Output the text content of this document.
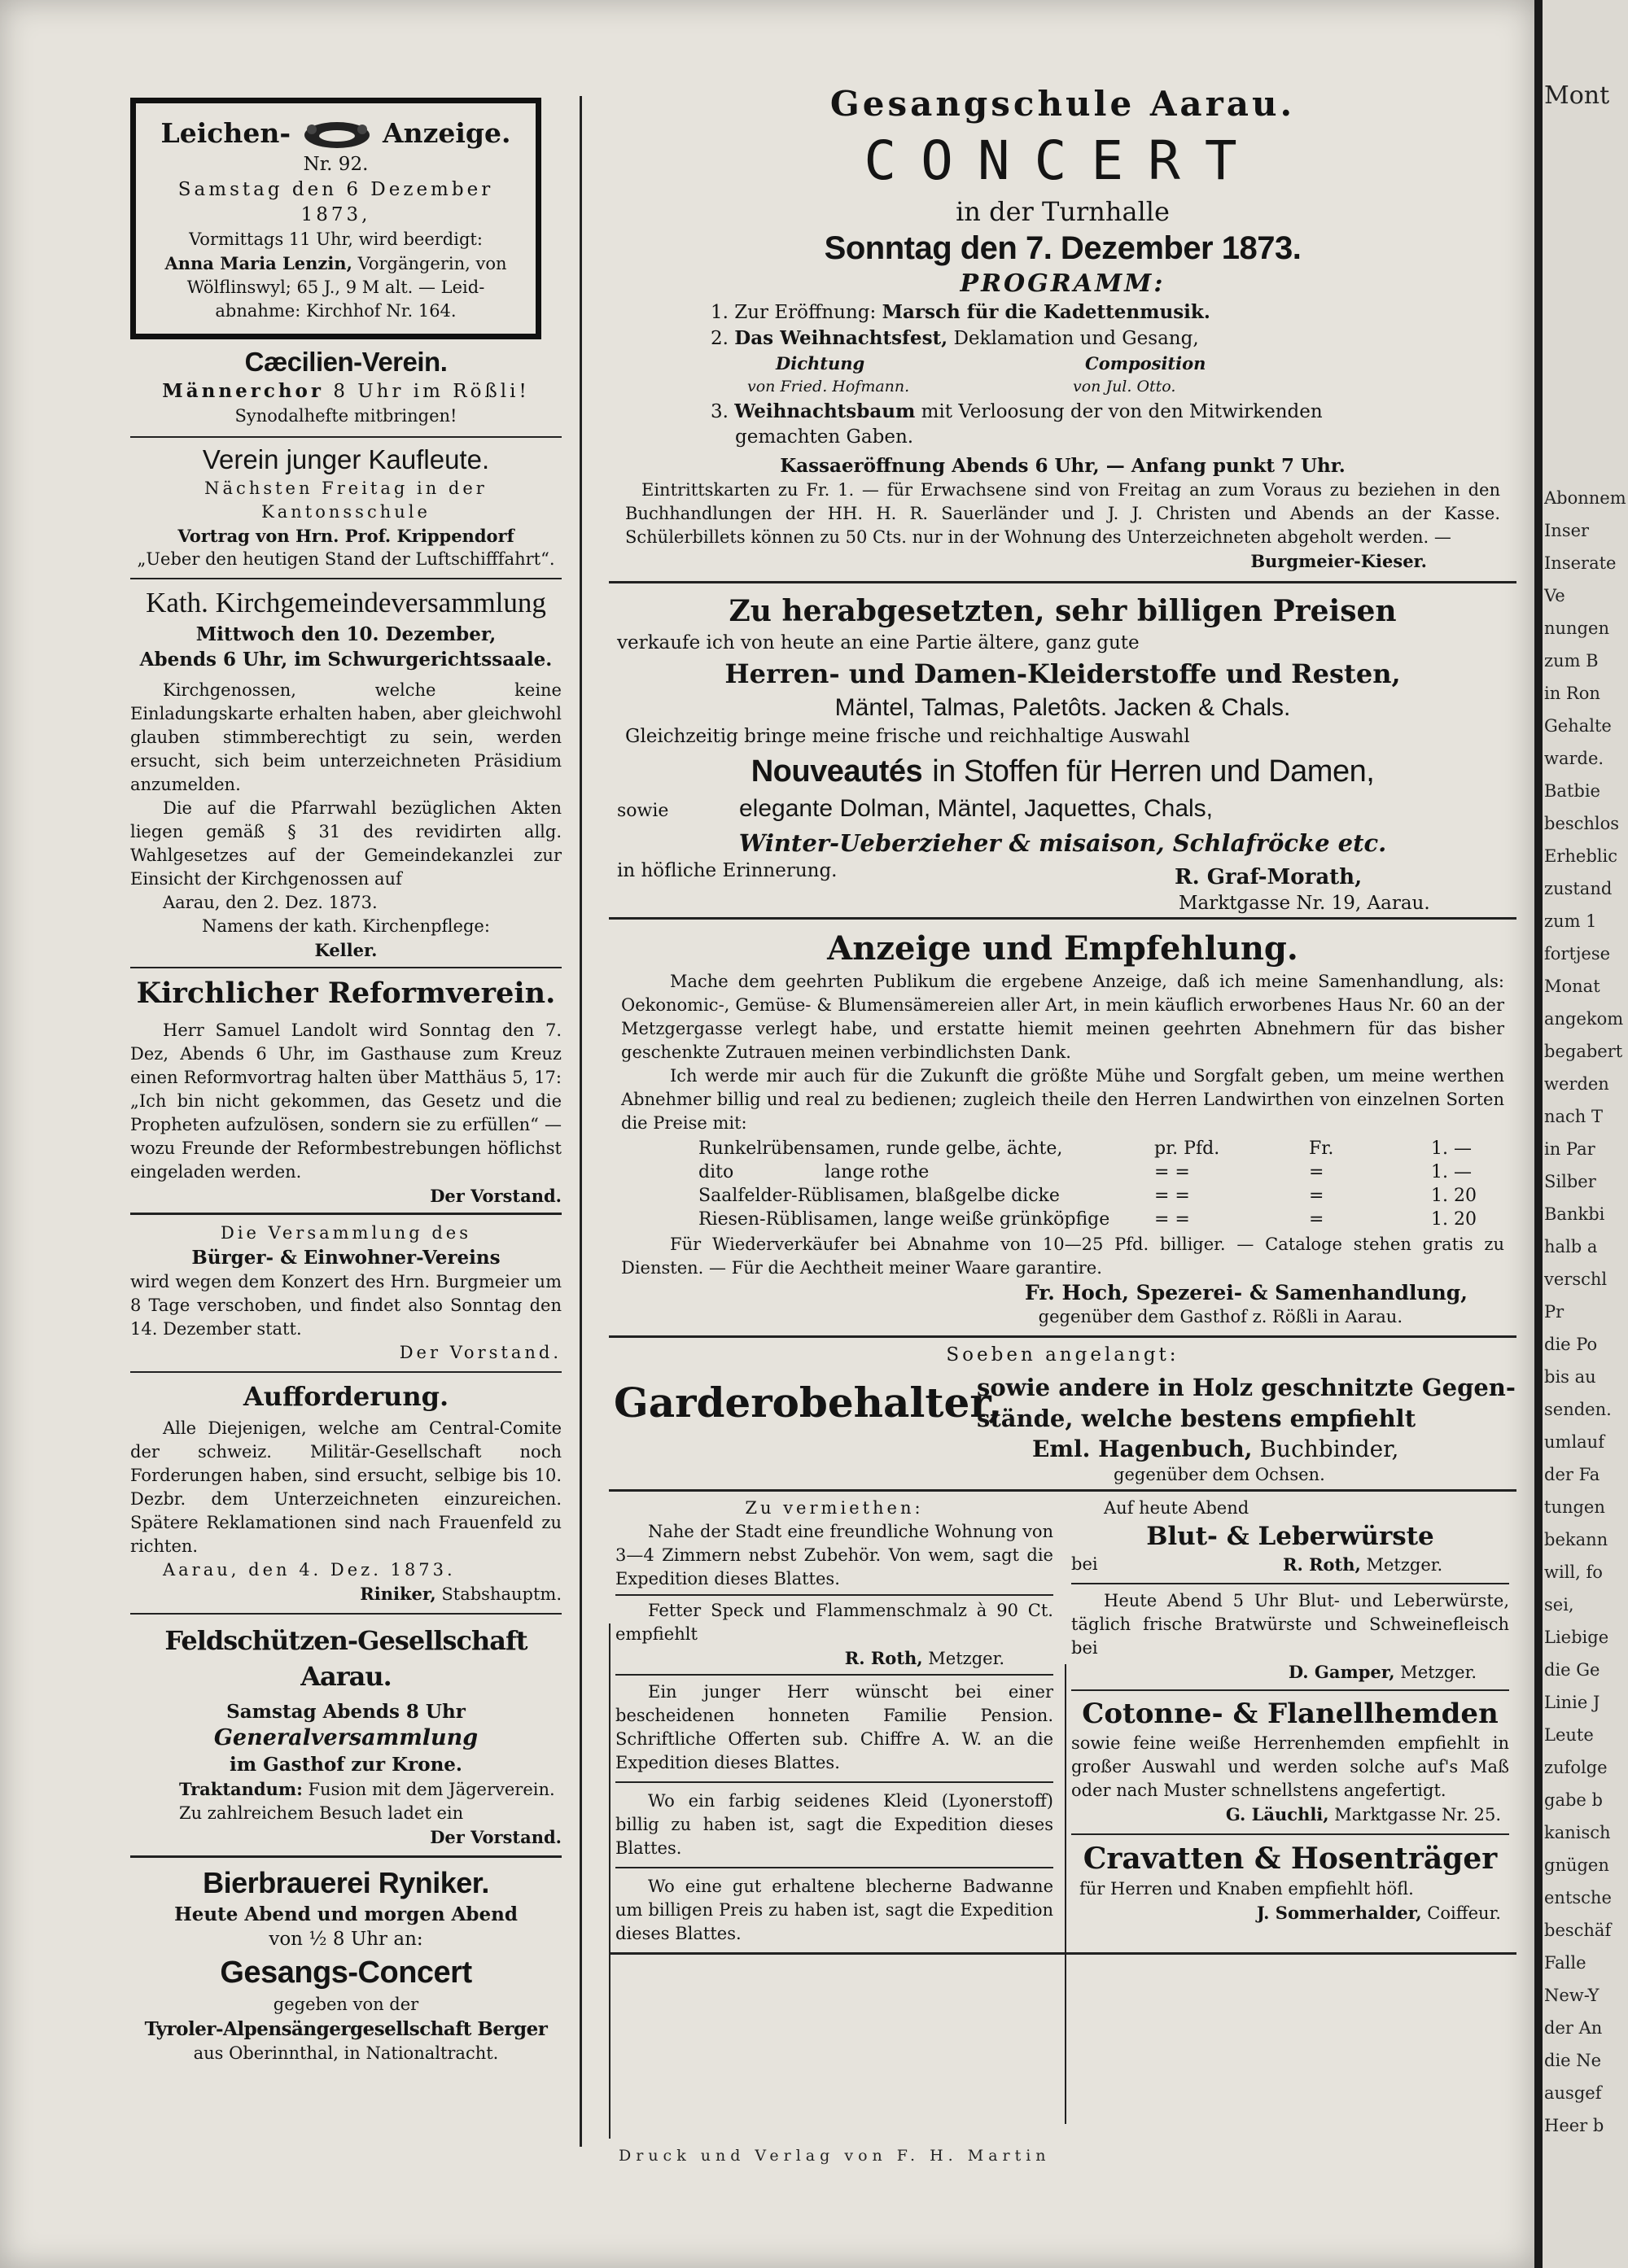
Leichen-	Anzeige.
Nr. 92.
Samstag den 6 Dezember 1873,
Vormittags 11 Uhr, wird beerdigt:
Anna Maria Lenzin, Vorgängerin, von
Wölflinswyl; 65 J., 9 M alt. — Leid-
abnahme: Kirchhof Nr. 164.
Cæcilien-Verein.
Männerchor 8 Uhr im Rößli!
Synodalhefte mitbringen!
Verein junger Kaufleute.
Nächsten Freitag in der Kantonsschule
Vortrag von Hrn. Prof. Krippendorf
„Ueber den heutigen Stand der Luftschifffahrt“.
Kath. Kirchgemeindeversammlung
Mittwoch den 10. Dezember,
Abends 6 Uhr, im Schwurgerichtssaale.

Kirchgenossen, welche keine Einladungskarte erhalten haben, aber gleichwohl glauben stimmberechtigt zu sein, werden ersucht, sich beim unterzeichneten Präsidium anzumelden.

Die auf die Pfarrwahl bezüglichen Akten liegen gemäß § 31 des revidirten allg. Wahlgesetzes auf der Gemeindekanzlei zur Einsicht der Kirchgenossen auf

Aarau, den 2. Dez. 1873.

Namens der kath. Kirchenpflege:

Keller.

Kirchlicher Reformverein.

Herr Samuel Landolt wird Sonntag den 7. Dez, Abends 6 Uhr, im Gasthause zum Kreuz einen Reformvortrag halten über Matthäus 5, 17: „Ich bin nicht gekommen, das Gesetz und die Propheten aufzulösen, sondern sie zu erfüllen“ — wozu Freunde der Reformbestrebungen höflichst eingeladen werden.

Der Vorstand.

Die Versammlung des
Bürger- & Einwohner-Vereins

wird wegen dem Konzert des Hrn. Burgmeier um 8 Tage verschoben, und findet also Sonntag den 14. Dezember statt.

Der Vorstand.

Aufforderung.

Alle Diejenigen, welche am Central-Comite der schweiz. Militär-Gesellschaft noch Forderungen haben, sind ersucht, selbige bis 10. Dezbr. dem Unterzeichneten einzureichen. Spätere Reklamationen sind nach Frauenfeld zu richten.

Aarau, den 4. Dez. 1873.

Riniker, Stabshauptm.

Feldschützen-Gesellschaft Aarau.
Samstag Abends 8 Uhr
Generalversammlung
im Gasthof zur Krone.
Traktandum: Fusion mit dem Jägerverein.
Zu zahlreichem Besuch ladet ein
Der Vorstand.
Bierbrauerei Ryniker.
Heute Abend und morgen Abend
von ½ 8 Uhr an:
Gesangs-Concert
gegeben von der
Tyroler-Alpensängergesellschaft Berger
aus Oberinnthal, in Nationaltracht.
Gesangschule Aarau.
CONCERT
in der Turnhalle
Sonntag den 7. Dezember 1873.
PROGRAMM:
1. Zur Eröffnung: Marsch für die Kadettenmusik.
2. Das Weihnachtsfest, Deklamation und Gesang,
Dichtung	Composition
von Fried. Hofmann.	von Jul. Otto.
3. Weihnachtsbaum mit Verloosung der von den Mitwirkenden
gemachten Gaben.
Kassaeröffnung Abends 6 Uhr, — Anfang punkt 7 Uhr.

Eintrittskarten zu Fr. 1. — für Erwachsene sind von Freitag an zum Voraus zu beziehen in den Buchhandlungen der HH. H. R. Sauerländer und J. J. Christen und Abends an der Kasse. Schülerbillets können zu 50 Cts. nur in der Wohnung des Unterzeichneten abgeholt werden. —

Burgmeier-Kieser.

Zu herabgesetzten, sehr billigen Preisen
verkaufe ich von heute an eine Partie ältere, ganz gute
Herren- und Damen-Kleiderstoffe und Resten,
Mäntel, Talmas, Paletôts. Jacken & Chals.
Gleichzeitig bringe meine frische und reichhaltige Auswahl
Nouveautés in Stoffen für Herren und Damen,
sowie	elegante Dolman, Mäntel, Jaquettes, Chals,
Winter-Ueberzieher & misaison, Schlafröcke etc.
in höfliche Erinnerung.	R. Graf-Morath,
Marktgasse Nr. 19, Aarau.
Anzeige und Empfehlung.

Mache dem geehrten Publikum die ergebene Anzeige, daß ich meine Samenhandlung, als: Oekonomic-, Gemüse- & Blumensämereien aller Art, in mein käuflich erworbenes Haus Nr. 60 an der Metzgergasse verlegt habe, und erstatte hiemit meinen geehrten Abnehmern für das bisher geschenkte Zutrauen meinen verbindlichsten Dank.

Ich werde mir auch für die Zukunft die größte Mühe und Sorgfalt geben, um meine werthen Abnehmer billig und real zu bedienen; zugleich theile den Herren Landwirthen von einzelnen Sorten die Preise mit:

Runkelrübensamen, runde gelbe, ächte,	pr. Pfd.	Fr.	1. —
dito                lange rothe	= =	=	1. —
Saalfelder-Rüblisamen, blaßgelbe dicke	= =	=	1. 20
Riesen-Rüblisamen, lange weiße grünköpfige	= =	=	1. 20

Für Wiederverkäufer bei Abnahme von 10—25 Pfd. billiger. — Cataloge stehen gratis zu Diensten. — Für die Aechtheit meiner Waare garantire.

Fr. Hoch, Spezerei- & Samenhandlung,

gegenüber dem Gasthof z. Rößli in Aarau.

Soeben angelangt:
Garderobehalter,
sowie andere in Holz geschnitzte Gegen-
stände, welche bestens empfiehlt
Eml. Hagenbuch, Buchbinder,
gegenüber dem Ochsen.
Zu vermiethen:

Nahe der Stadt eine freundliche Wohnung von 3—4 Zimmern nebst Zubehör. Von wem, sagt die Expedition dieses Blattes.

Fetter Speck und Flammenschmalz à 90 Ct. empfiehlt

R. Roth, Metzger.

Ein junger Herr wünscht bei einer bescheidenen honneten Familie Pension. Schriftliche Offerten sub. Chiffre A. W. an die Expedition dieses Blattes.

Wo ein farbig seidenes Kleid (Lyonerstoff) billig zu haben ist, sagt die Expedition dieses Blattes.

Wo eine gut erhaltene blecherne Badwanne um billigen Preis zu haben ist, sagt die Expedition dieses Blattes.

Auf heute Abend
Blut- & Leberwürste
bei	R. Roth, Metzger.

Heute Abend 5 Uhr Blut- und Leberwürste, täglich frische Bratwürste und Schweinefleisch bei

D. Gamper, Metzger.

Cotonne- & Flanellhemden

sowie feine weiße Herrenhemden empfiehlt in großer Auswahl und werden solche auf's Maß oder nach Muster schnellstens angefertigt.

G. Läuchli, Marktgasse Nr. 25.

Cravatten & Hosenträger
für Herren und Knaben empfiehlt höfl.
J. Sommerhalder, Coiffeur.
Druck und Verlag von F. H. Martin
Mont
Abonnem
Inser
Inserate
Ve
nungen
zum B
in Ron
Gehalte
warde.
Batbie
beschlos
Erheblic
zustand
zum 1
fortjese
Monat
angekom
begabert
werden
nach T
in Par
Silber
Bankbi
halb a
verschl
Pr
die Po
bis au
senden.
umlauf
der Fa
tungen
bekann
will, fo
sei,
Liebige
die Ge
Linie J
Leute
zufolge
gabe b
kanisch
gnügen
entsche
beschäf
Falle
New-Y
der An
die Ne
ausgef
Heer b
